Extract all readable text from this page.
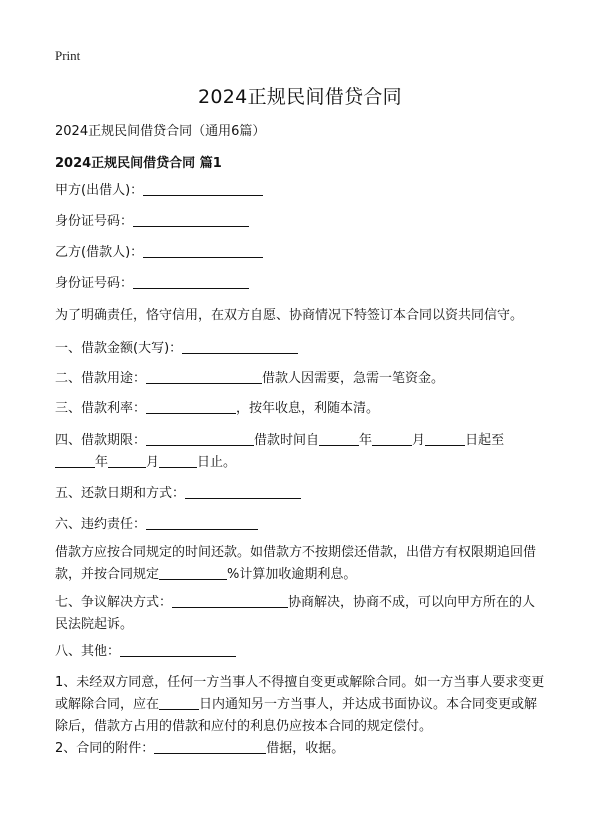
Print
2024正规民间借贷合同
2024正规民间借贷合同（通用6篇）
2024正规民间借贷合同 篇1
甲方(出借人)：
身份证号码：
乙方(借款人)：
身份证号码：
为了明确责任，恪守信用，在双方自愿、协商情况下特签订本合同以资共同信守。
一、借款金额(大写)：
二、借款用途：	借款人因需要，急需一笔资金。
三、借款利率：	，按年收息，利随本清。
四、借款期限：	借款时间自	年	月	日起至
年	月	日止。
五、还款日期和方式：
六、违约责任：
借款方应按合同规定的时间还款。如借款方不按期偿还借款，出借方有权限期追回借款，并按合同规定	%计算加收逾期利息。
七、争议解决方式：	协商解决，协商不成，可以向甲方所在的人民法院起诉。
八、其他：
1、未经双方同意，任何一方当事人不得擅自变更或解除合同。如一方当事人要求变更或解除合同，应在	日内通知另一方当事人，并达成书面协议。本合同变更或解除后，借款方占用的借款和应付的利息仍应按本合同的规定偿付。
2、合同的附件：	借据，收据。
